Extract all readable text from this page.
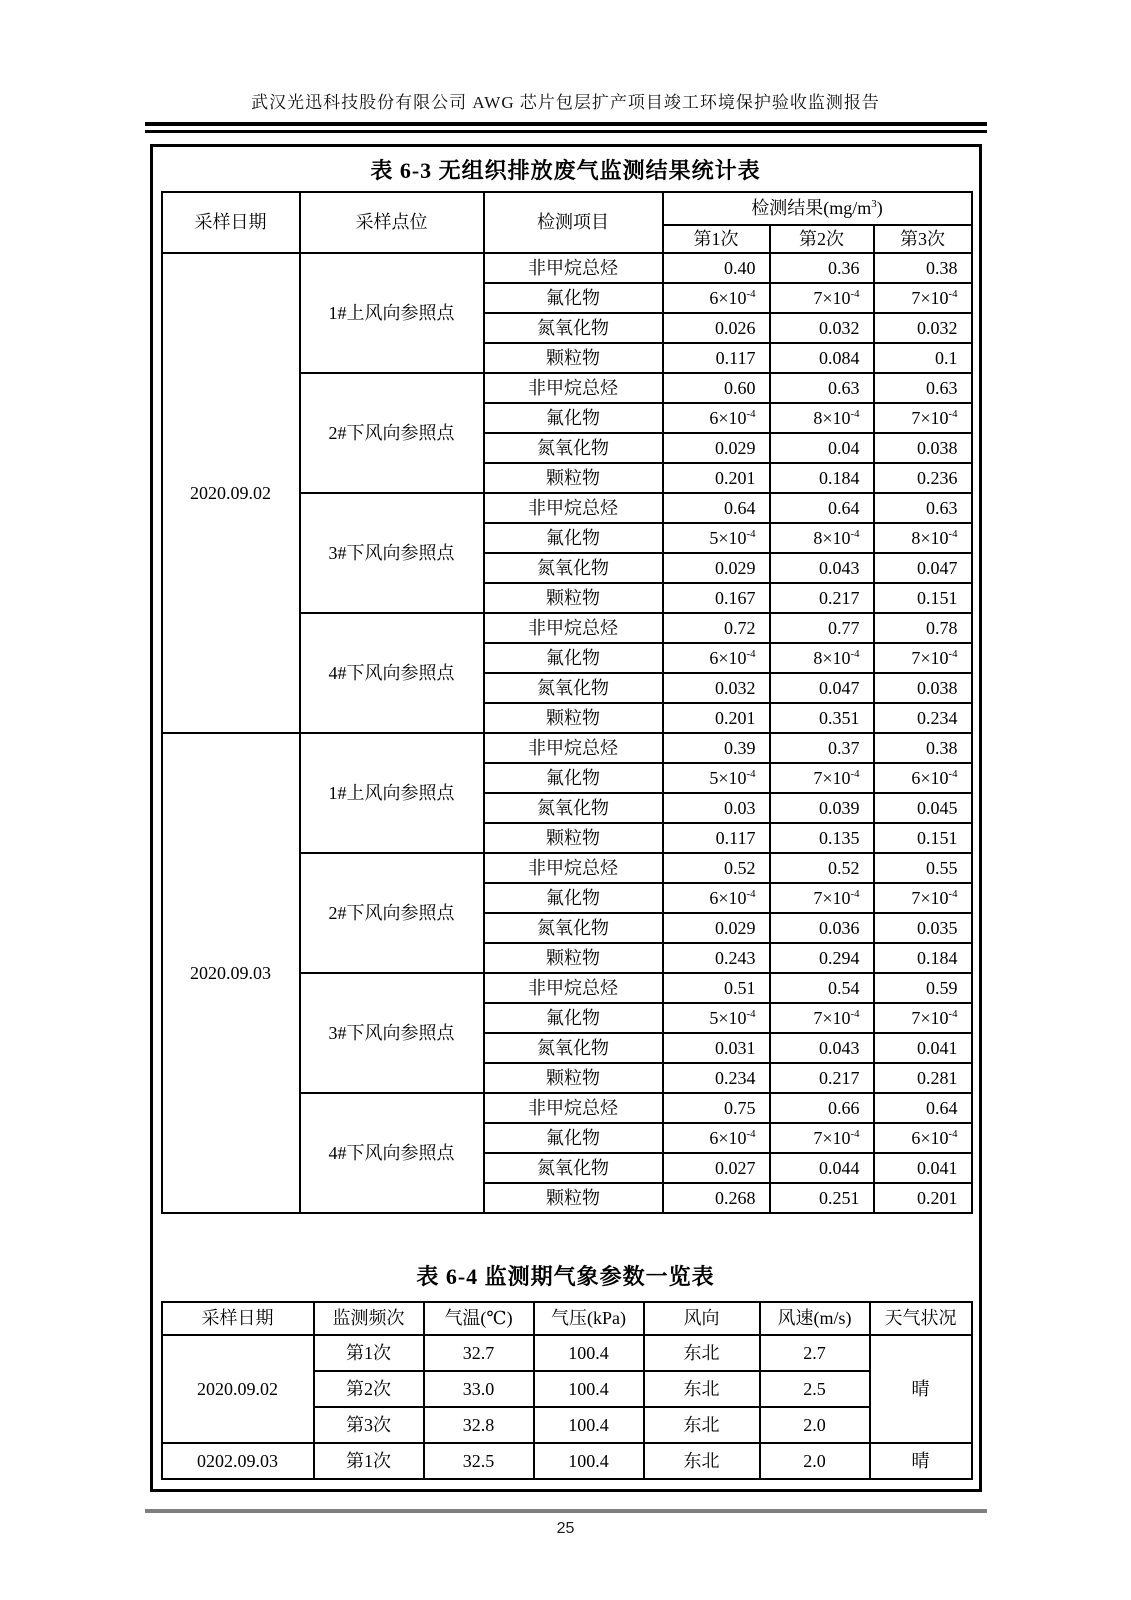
武汉光迅科技股份有限公司 AWG 芯片包层扩产项目竣工环境保护验收监测报告
表 6-3 无组织排放废气监测结果统计表
采样日期	采样点位	检测项目	检测结果$(mg/m^3)$		
			第1次	第2次	第3次
2020.09.02	1#上风向参照点	非甲烷总烃	0.40	0.36	0.38
		氟化物	$6\times 10^{-4}$	$7\times 10^{-4}$	$7\times 10^{-4}$
		氮氧化物	0.026	0.032	0.032
		颗粒物	0.117	0.084	0.1
	2#下风向参照点	非甲烷总烃	0.60	0.63	0.63
		氟化物	$6\times 10^{-4}$	$8\times 10^{-4}$	$7\times 10^{-4}$
		氮氧化物	0.029	0.04	0.038
		颗粒物	0.201	0.184	0.236
	3#下风向参照点	非甲烷总烃	0.64	0.64	0.63
		氟化物	$5\times 10^{-4}$	$8\times 10^{-4}$	$8\times 10^{-4}$
		氮氧化物	0.029	0.043	0.047
		颗粒物	0.167	0.217	0.151
	4#下风向参照点	非甲烷总烃	0.72	0.77	0.78
		氟化物	$6\times 10^{-4}$	$8\times 10^{-4}$	$7\times 10^{-4}$
		氮氧化物	0.032	0.047	0.038
		颗粒物	0.201	0.351	0.234
2020.09.03	1#上风向参照点	非甲烷总烃	0.39	0.37	0.38
		氟化物	$5\times 10^{-4}$	$7\times 10^{-4}$	$6\times 10^{-4}$
		氮氧化物	0.03	0.039	0.045
		颗粒物	0.117	0.135	0.151
	2#下风向参照点	非甲烷总烃	0.52	0.52	0.55
		氟化物	$6\times 10^{-4}$	$7\times 10^{-4}$	$7\times 10^{-4}$
		氮氧化物	0.029	0.036	0.035
		颗粒物	0.243	0.294	0.184
	3#下风向参照点	非甲烷总烃	0.51	0.54	0.59
		氟化物	$5\times 10^{-4}$	$7\times 10^{-4}$	$7\times 10^{-4}$
		氮氧化物	0.031	0.043	0.041
		颗粒物	0.234	0.217	0.281
	4#下风向参照点	非甲烷总烃	0.75	0.66	0.64
		氟化物	$6\times 10^{-4}$	$7\times 10^{-4}$	$6\times 10^{-4}$
		氮氧化物	0.027	0.044	0.041
		颗粒物	0.268	0.251	0.201
表 6-4 监测期气象参数一览表
采样日期	监测频次	气温(℃)	气压(kPa)	风向	风速(m/s)	天气状况
2020.09.02	第1次	32.7	100.4	东北	2.7	晴
	第2次	33.0	100.4	东北	2.5	
	第3次	32.8	100.4	东北	2.0	
0202.09.03	第1次	32.5	100.4	东北	2.0	晴
25
